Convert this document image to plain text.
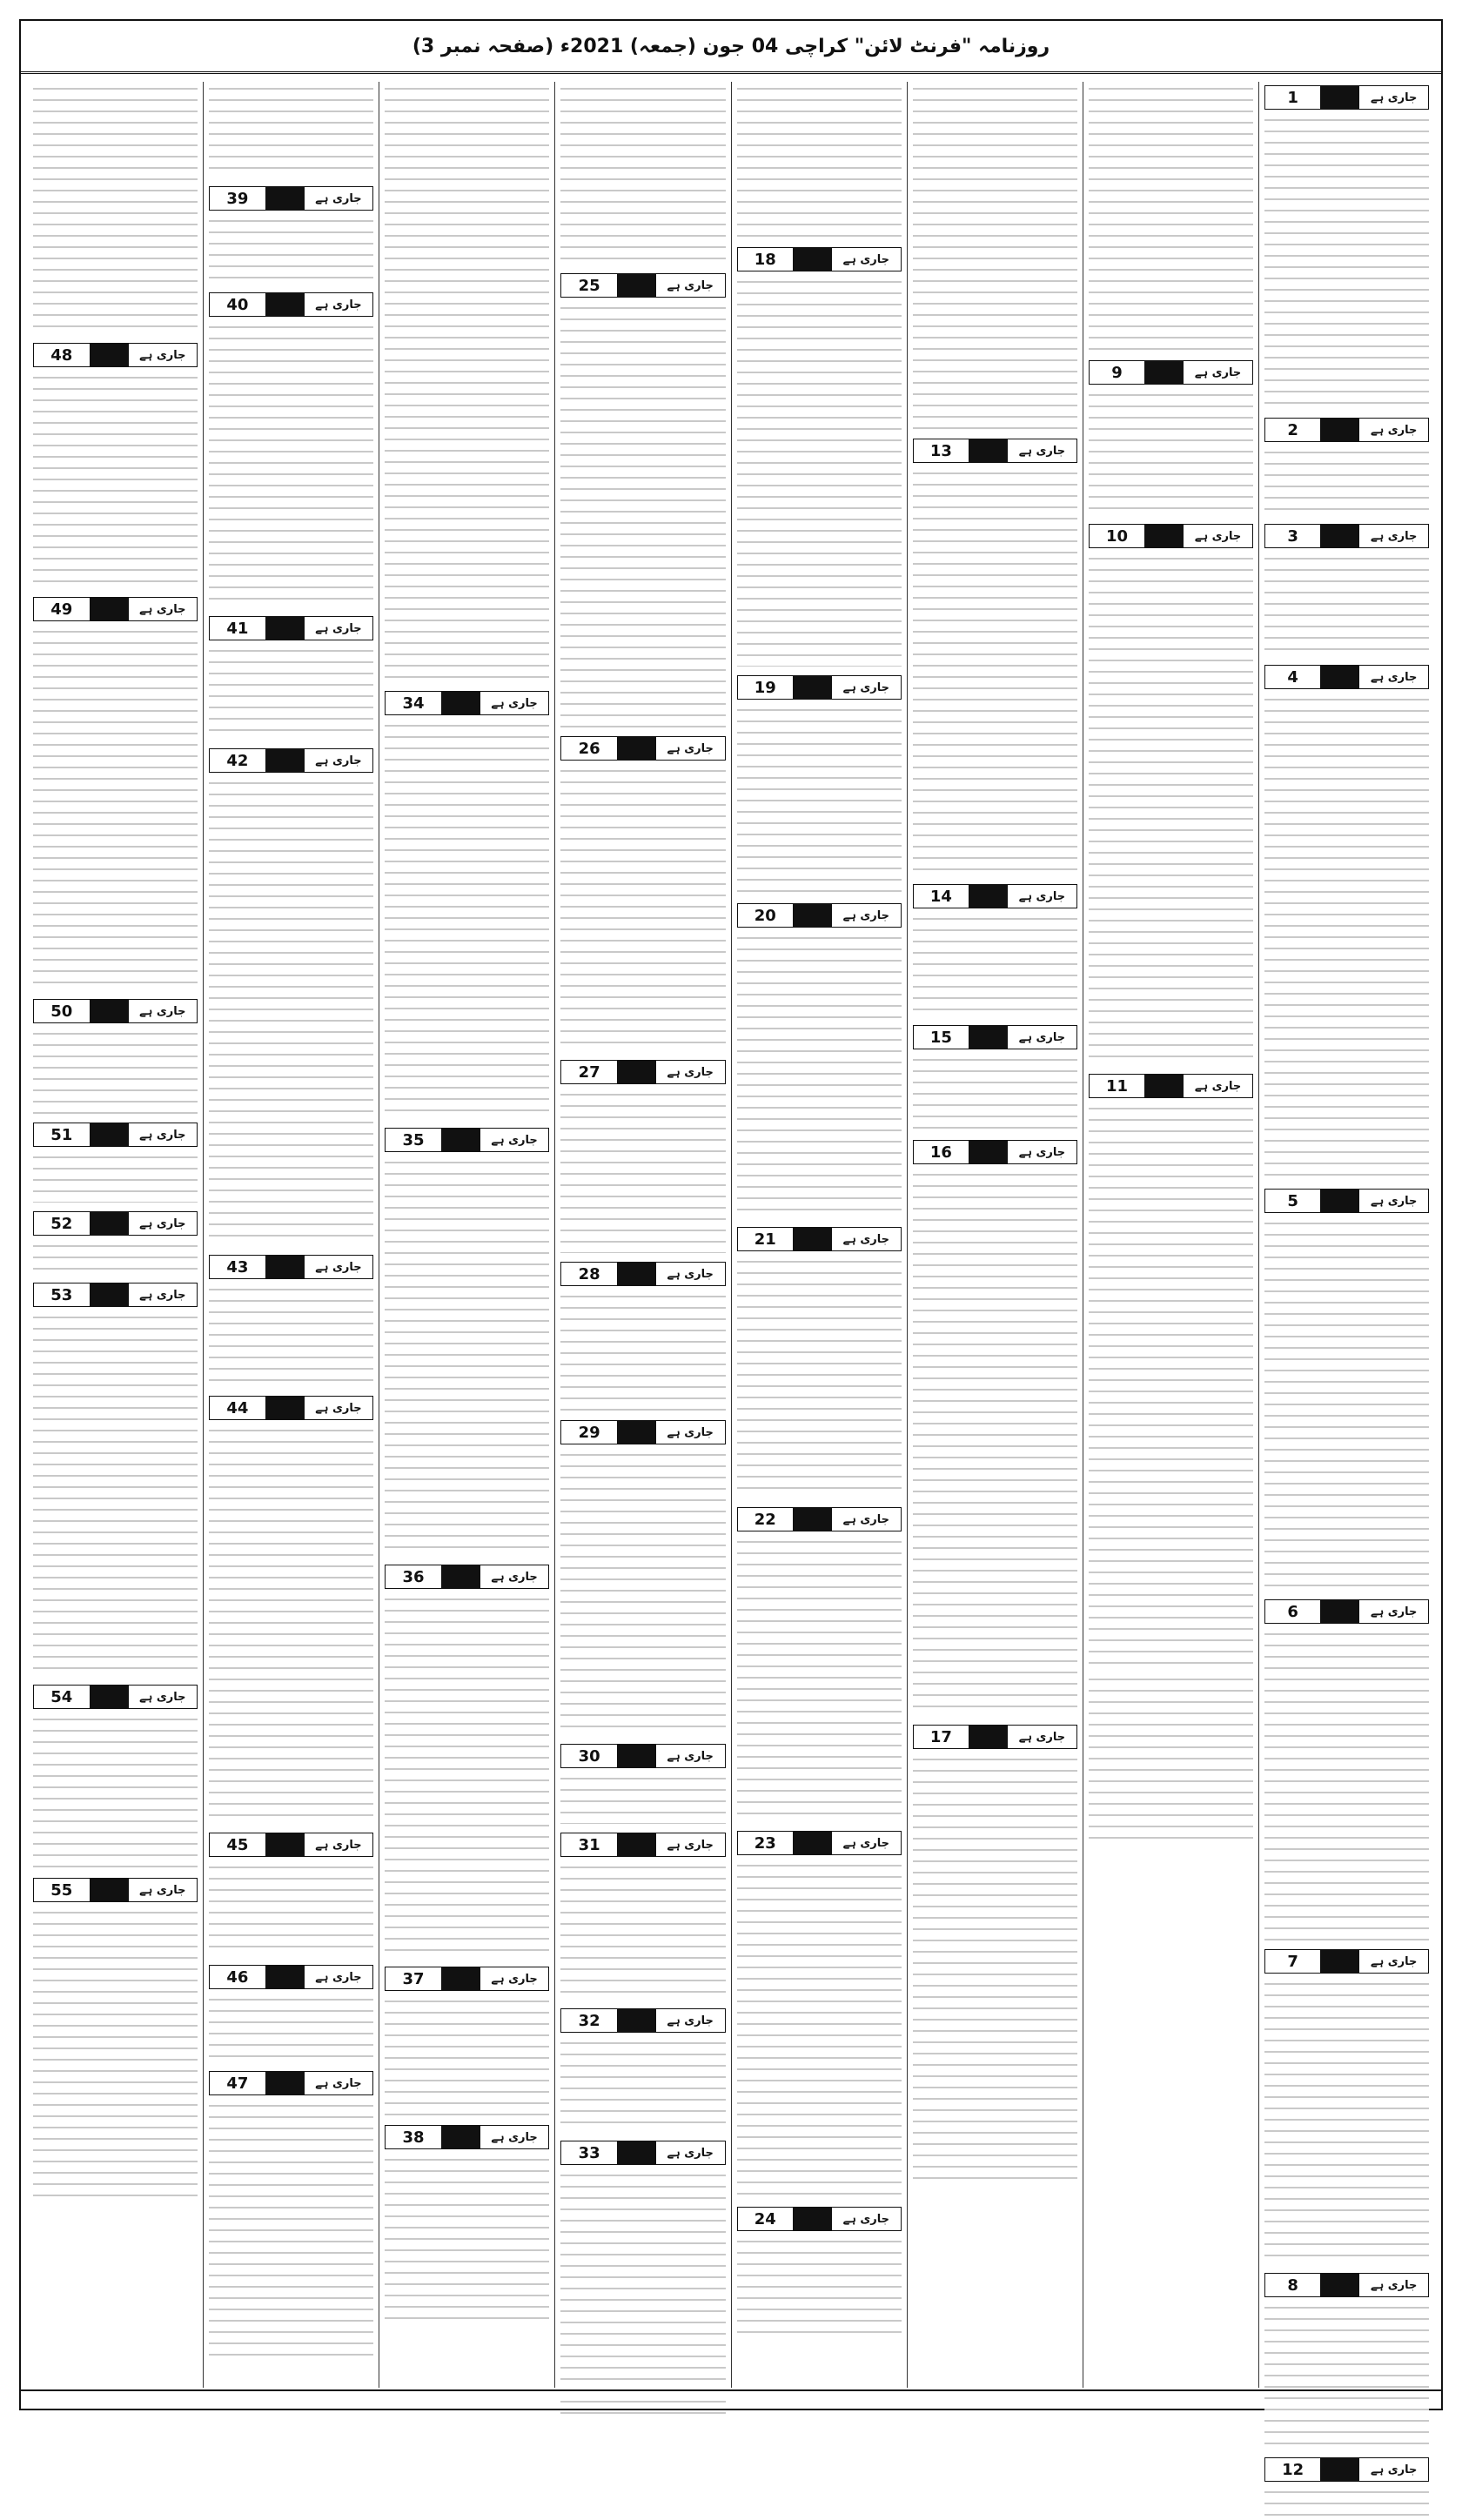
روزنامہ "فرنٹ لائن" کراچی 04 جون (جمعہ) 2021ء (صفحہ نمبر 3)
جاری ہے
1
جاری ہے
2
جاری ہے
3
جاری ہے
4
جاری ہے
5
جاری ہے
6
جاری ہے
7
جاری ہے
8
جاری ہے
12
جاری ہے
9
جاری ہے
10
جاری ہے
11
جاری ہے
13
جاری ہے
14
جاری ہے
15
جاری ہے
16
جاری ہے
17
جاری ہے
18
جاری ہے
19
جاری ہے
20
جاری ہے
21
جاری ہے
22
جاری ہے
23
جاری ہے
24
جاری ہے
25
جاری ہے
26
جاری ہے
27
جاری ہے
28
جاری ہے
29
جاری ہے
30
جاری ہے
31
جاری ہے
32
جاری ہے
33
جاری ہے
34
جاری ہے
35
جاری ہے
36
جاری ہے
37
جاری ہے
38
جاری ہے
39
جاری ہے
40
جاری ہے
41
جاری ہے
42
جاری ہے
43
جاری ہے
44
جاری ہے
45
جاری ہے
46
جاری ہے
47
جاری ہے
48
جاری ہے
49
جاری ہے
50
جاری ہے
51
جاری ہے
52
جاری ہے
53
جاری ہے
54
جاری ہے
55
